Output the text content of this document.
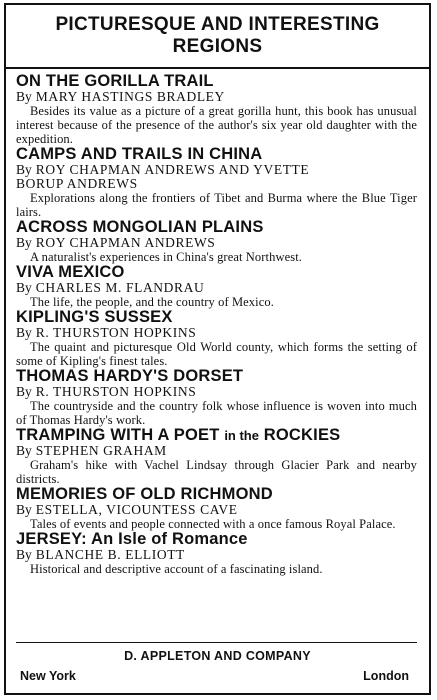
PICTURESQUE AND INTERESTING
REGIONS
ON THE GORILLA TRAIL
By MARY HASTINGS BRADLEY
Besides its value as a picture of a great gorilla hunt, this book has unusual interest because of the presence of the author's six year old daughter with the expedition.
CAMPS AND TRAILS IN CHINA
By ROY CHAPMAN ANDREWS AND YVETTE
BORUP ANDREWS
Explorations along the frontiers of Tibet and Burma where the Blue Tiger lairs.
ACROSS MONGOLIAN PLAINS
By ROY CHAPMAN ANDREWS
A naturalist's experiences in China's great Northwest.
VIVA MEXICO
By CHARLES M. FLANDRAU
The life, the people, and the country of Mexico.
KIPLING'S SUSSEX
By R. THURSTON HOPKINS
The quaint and picturesque Old World county, which forms the setting of some of Kipling's finest tales.
THOMAS HARDY'S DORSET
By R. THURSTON HOPKINS
The countryside and the country folk whose influence is woven into much of Thomas Hardy's work.
TRAMPING WITH A POET in the ROCKIES
By STEPHEN GRAHAM
Graham's hike with Vachel Lindsay through Glacier Park and nearby districts.
MEMORIES OF OLD RICHMOND
By ESTELLA, VICOUNTESS CAVE
Tales of events and people connected with a once famous Royal Palace.
JERSEY: An Isle of Romance
By BLANCHE B. ELLIOTT
Historical and descriptive account of a fascinating island.
D. APPLETON AND COMPANY
New York	London
